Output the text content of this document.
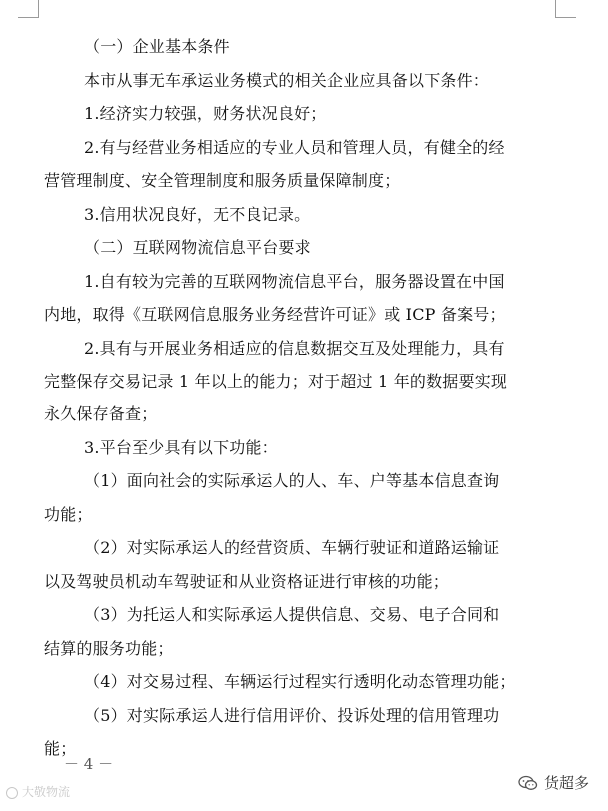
（一）企业基本条件
本市从事无车承运业务模式的相关企业应具备以下条件：
1.经济实力较强，财务状况良好；
2.有与经营业务相适应的专业人员和管理人员，有健全的经
营管理制度、安全管理制度和服务质量保障制度；
3.信用状况良好，无不良记录。
（二）互联网物流信息平台要求
1.自有较为完善的互联网物流信息平台，服务器设置在中国
内地，取得《互联网信息服务业务经营许可证》或 ICP 备案号；
2.具有与开展业务相适应的信息数据交互及处理能力，具有
完整保存交易记录 1 年以上的能力；对于超过 1 年的数据要实现
永久保存备查；
3.平台至少具有以下功能：
（1）面向社会的实际承运人的人、车、户等基本信息查询
功能；
（2）对实际承运人的经营资质、车辆行驶证和道路运输证
以及驾驶员机动车驾驶证和从业资格证进行审核的功能；
（3）为托运人和实际承运人提供信息、交易、电子合同和
结算的服务功能；
（4）对交易过程、车辆运行过程实行透明化动态管理功能；
（5）对实际承运人进行信用评价、投诉处理的信用管理功
能；
－ 4 －
大敬物流	货超多
